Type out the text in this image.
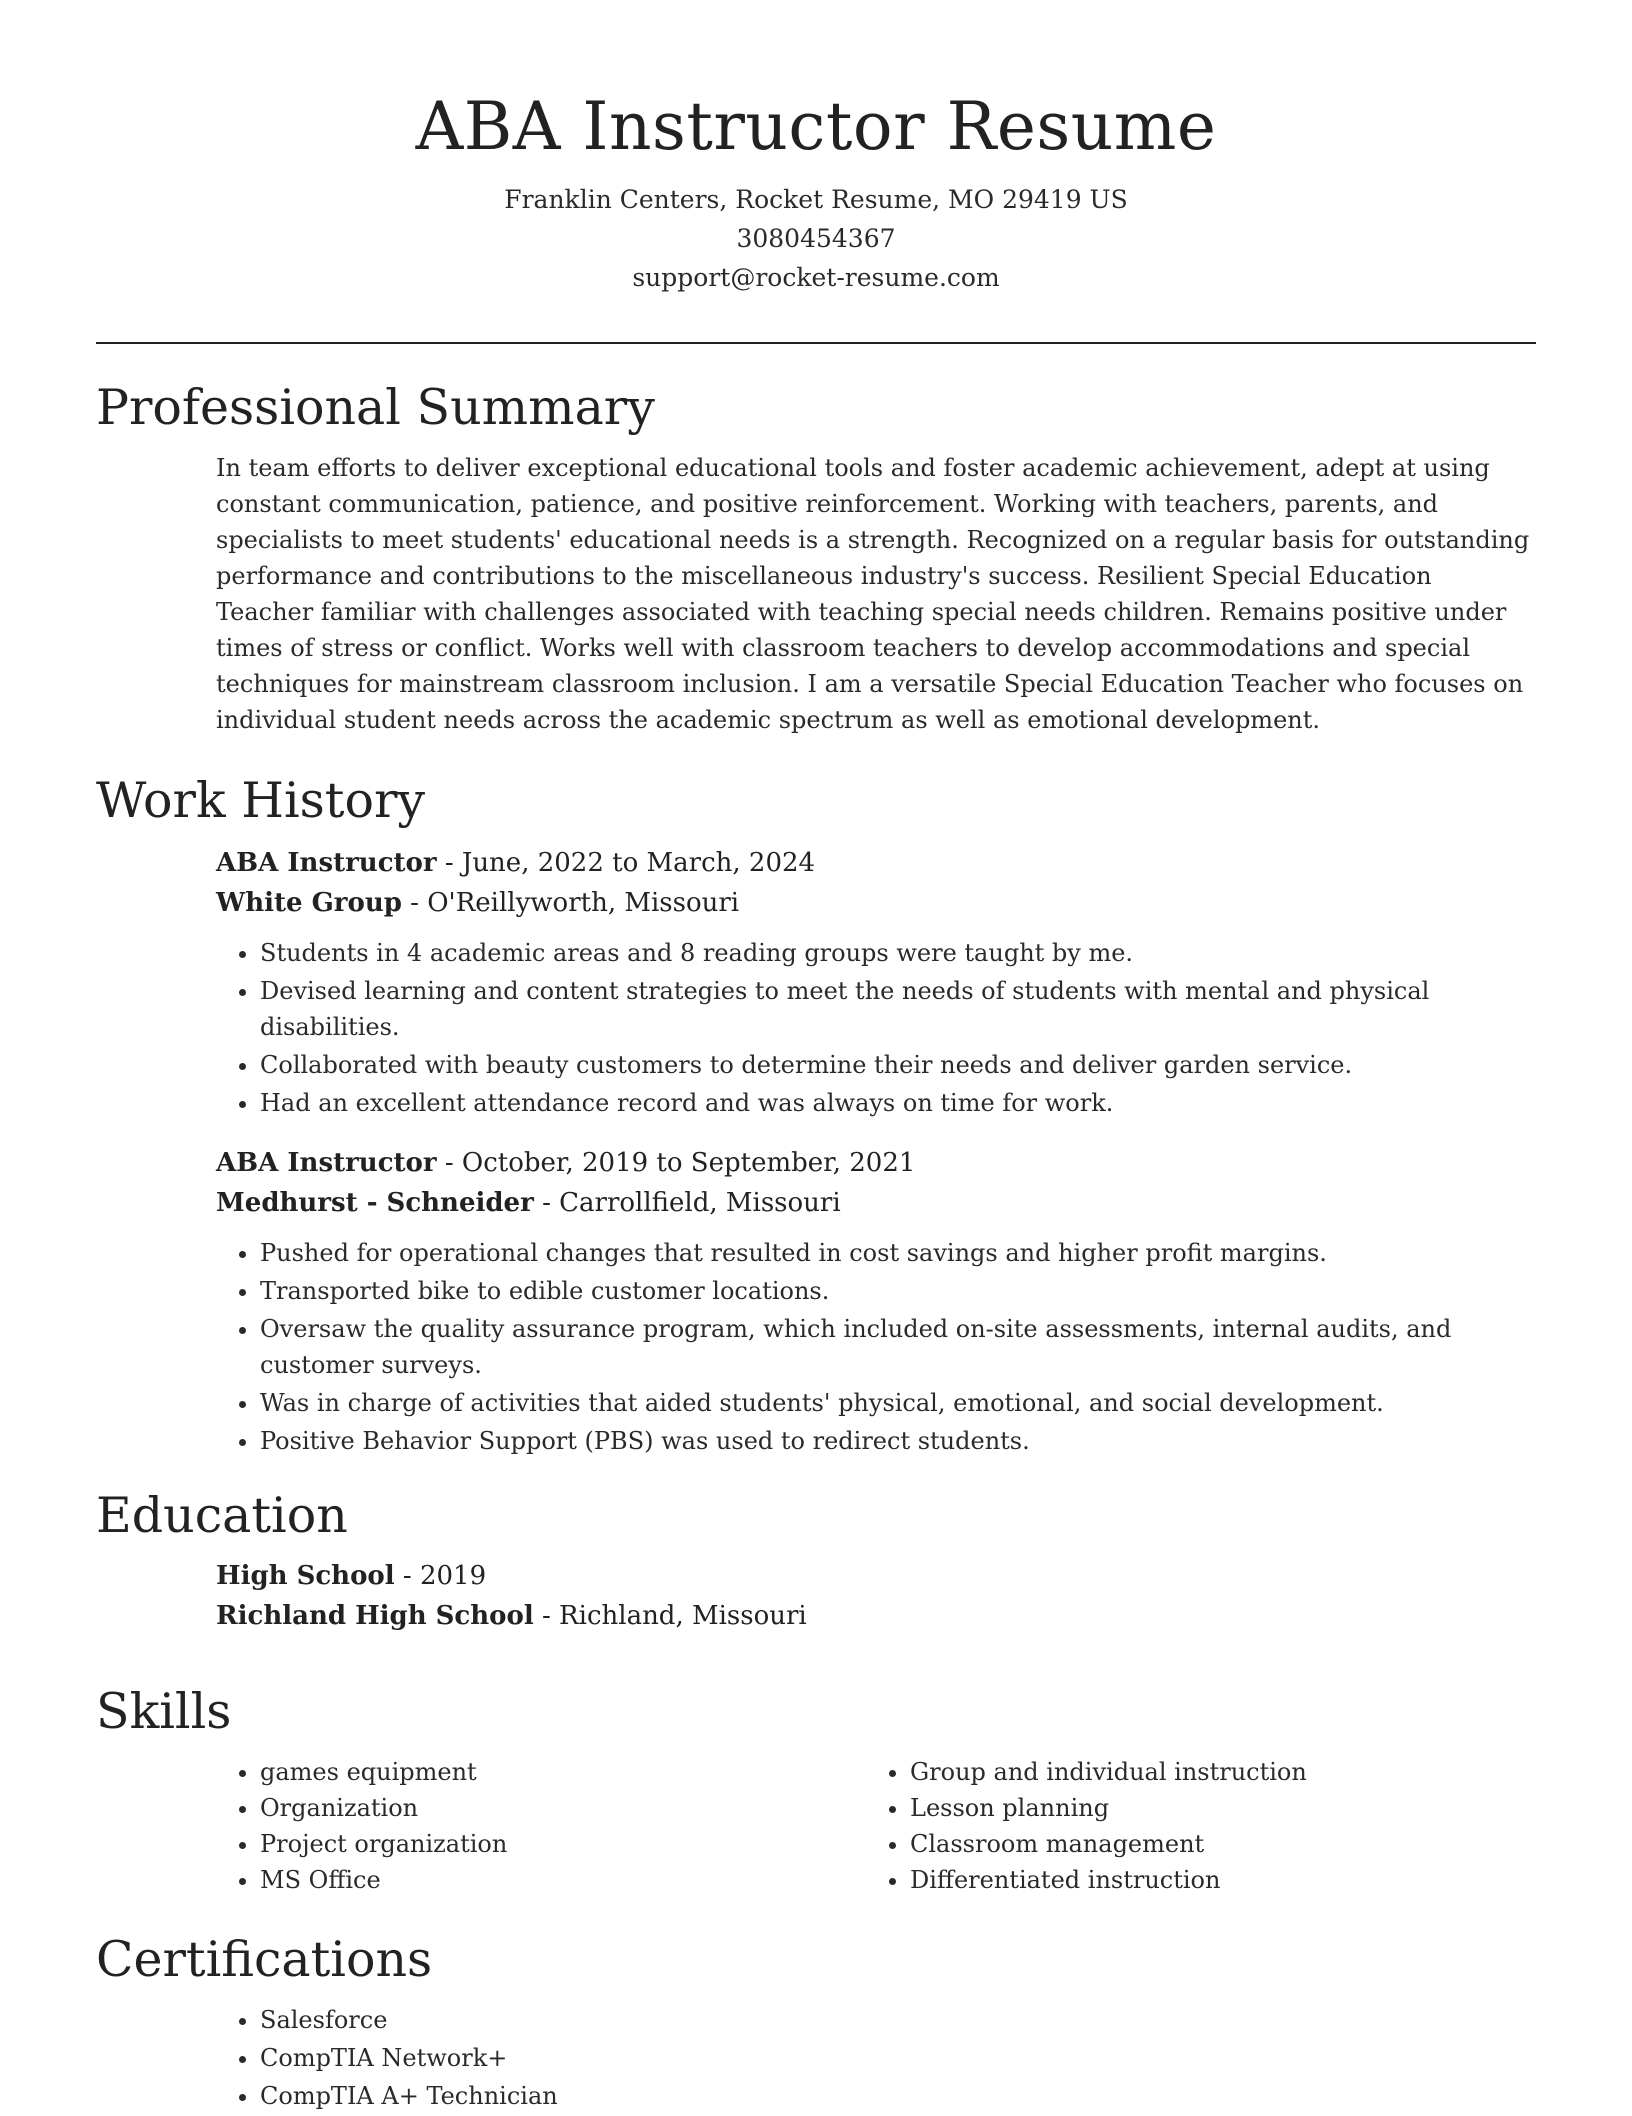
ABA Instructor Resume
Franklin Centers, Rocket Resume, MO 29419 US
3080454367
support@rocket-resume.com
Professional Summary
In team efforts to deliver exceptional educational tools and foster academic achievement, adept at using constant communication, patience, and positive reinforcement. Working with teachers, parents, and specialists to meet students' educational needs is a strength. Recognized on a regular basis for outstanding performance and contributions to the miscellaneous industry's success. Resilient Special Education Teacher familiar with challenges associated with teaching special needs children. Remains positive under times of stress or conflict. Works well with classroom teachers to develop accommodations and special techniques for mainstream classroom inclusion. I am a versatile Special Education Teacher who focuses on individual student needs across the academic spectrum as well as emotional development.
Work History
ABA Instructor - June, 2022 to March, 2024
White Group - O'Reillyworth, Missouri
• Students in 4 academic areas and 8 reading groups were taught by me.
• Devised learning and content strategies to meet the needs of students with mental and physical disabilities.
• Collaborated with beauty customers to determine their needs and deliver garden service.
• Had an excellent attendance record and was always on time for work.
ABA Instructor - October, 2019 to September, 2021
Medhurst - Schneider - Carrollfield, Missouri
• Pushed for operational changes that resulted in cost savings and higher profit margins.
• Transported bike to edible customer locations.
• Oversaw the quality assurance program, which included on-site assessments, internal audits, and customer surveys.
• Was in charge of activities that aided students' physical, emotional, and social development.
• Positive Behavior Support (PBS) was used to redirect students.
Education
High School - 2019
Richland High School - Richland, Missouri
Skills
• games equipment
• Organization
• Project organization
• MS Office
• Group and individual instruction
• Lesson planning
• Classroom management
• Differentiated instruction
Certifications
• Salesforce
• CompTIA Network+
• CompTIA A+ Technician
